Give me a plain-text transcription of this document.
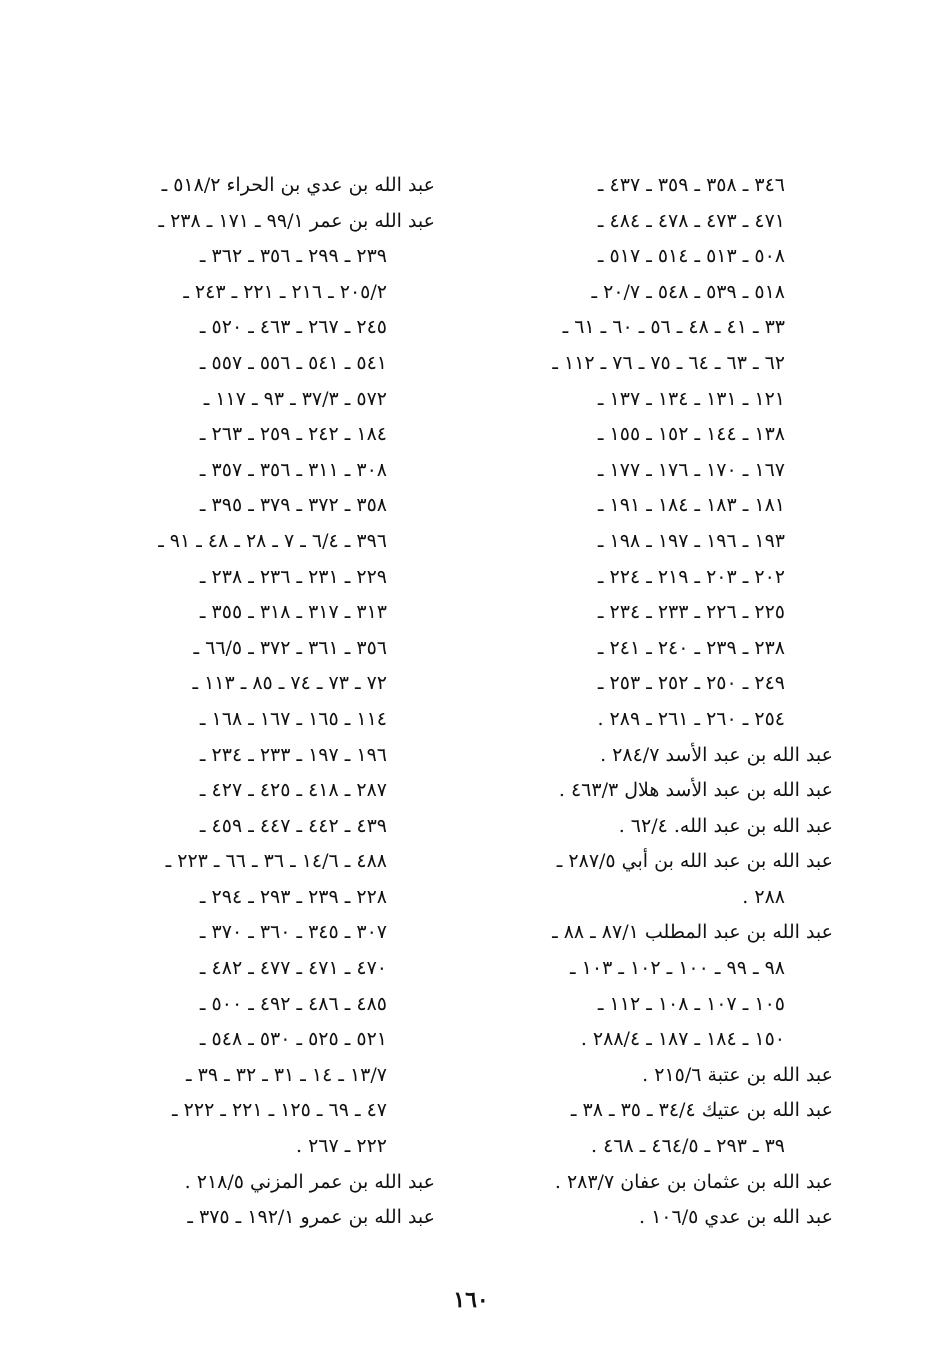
٣٤٦ ـ ٣٥٨ ـ ٣٥٩ ـ ٤٣٧ ـ
٤٧١ ـ ٤٧٣ ـ ٤٧٨ ـ ٤٨٤ ـ
٥٠٨ ـ ٥١٣ ـ ٥١٤ ـ ٥١٧ ـ
٥١٨ ـ ٥٣٩ ـ ٥٤٨ ـ ٢٠/٧ ـ
٣٣ ـ ٤١ ـ ٤٨ ـ ٥٦ ـ ٦٠ ـ ٦١ ـ
٦٢ ـ ٦٣ ـ ٦٤ ـ ٧٥ ـ ٧٦ ـ ١١٢ ـ
١٢١ ـ ١٣١ ـ ١٣٤ ـ ١٣٧ ـ
١٣٨ ـ ١٤٤ ـ ١٥٢ ـ ١٥٥ ـ
١٦٧ ـ ١٧٠ ـ ١٧٦ ـ ١٧٧ ـ
١٨١ ـ ١٨٣ ـ ١٨٤ ـ ١٩١ ـ
١٩٣ ـ ١٩٦ ـ ١٩٧ ـ ١٩٨ ـ
٢٠٢ ـ ٢٠٣ ـ ٢١٩ ـ ٢٢٤ ـ
٢٢٥ ـ ٢٢٦ ـ ٢٣٣ ـ ٢٣٤ ـ
٢٣٨ ـ ٢٣٩ ـ ٢٤٠ ـ ٢٤١ ـ
٢٤٩ ـ ٢٥٠ ـ ٢٥٢ ـ ٢٥٣ ـ
٢٥٤ ـ ٢٦٠ ـ ٢٦١ ـ ٢٨٩ .
عبد الله بن عبد الأسد ٢٨٤/٧ .
عبد الله بن عبد الأسد هلال ٤٦٣/٣ .
عبد الله بن عبد الله. ٦٢/٤ .
عبد الله بن عبد الله بن أبي ٢٨٧/٥ ـ
٢٨٨ .
عبد الله بن عبد المطلب ٨٧/١ ـ ٨٨ ـ
٩٨ ـ ٩٩ ـ ١٠٠ ـ ١٠٢ ـ ١٠٣ ـ
١٠٥ ـ ١٠٧ ـ ١٠٨ ـ ١١٢ ـ
١٥٠ ـ ١٨٤ ـ ١٨٧ ـ ٢٨٨/٤ .
عبد الله بن عتبة ٢١٥/٦ .
عبد الله بن عتيك ٣٤/٤ ـ ٣٥ ـ ٣٨ ـ
٣٩ ـ ٢٩٣ ـ ٤٦٤/٥ ـ ٤٦٨ .
عبد الله بن عثمان بن عفان ٢٨٣/٧ .
عبد الله بن عدي ١٠٦/٥ .
عبد الله بن عدي بن الحراء ٥١٨/٢ ـ
عبد الله بن عمر ٩٩/١ ـ ١٧١ ـ ٢٣٨ ـ
٢٣٩ ـ ٢٩٩ ـ ٣٥٦ ـ ٣٦٢ ـ
٢٠٥/٢ ـ ٢١٦ ـ ٢٢١ ـ ٢٤٣ ـ
٢٤٥ ـ ٢٦٧ ـ ٤٦٣ ـ ٥٢٠ ـ
٥٤١ ـ ٥٤١ ـ ٥٥٦ ـ ٥٥٧ ـ
٥٧٢ ـ ٣٧/٣ ـ ٩٣ ـ ١١٧ ـ
١٨٤ ـ ٢٤٢ ـ ٢٥٩ ـ ٢٦٣ ـ
٣٠٨ ـ ٣١١ ـ ٣٥٦ ـ ٣٥٧ ـ
٣٥٨ ـ ٣٧٢ ـ ٣٧٩ ـ ٣٩٥ ـ
٣٩٦ ـ ٦/٤ ـ ٧ ـ ٢٨ ـ ٤٨ ـ ٩١ ـ
٢٢٩ ـ ٢٣١ ـ ٢٣٦ ـ ٢٣٨ ـ
٣١٣ ـ ٣١٧ ـ ٣١٨ ـ ٣٥٥ ـ
٣٥٦ ـ ٣٦١ ـ ٣٧٢ ـ ٦٦/٥ ـ
٧٢ ـ ٧٣ ـ ٧٤ ـ ٨٥ ـ ١١٣ ـ
١١٤ ـ ١٦٥ ـ ١٦٧ ـ ١٦٨ ـ
١٩٦ ـ ١٩٧ ـ ٢٣٣ ـ ٢٣٤ ـ
٢٨٧ ـ ٤١٨ ـ ٤٢٥ ـ ٤٢٧ ـ
٤٣٩ ـ ٤٤٢ ـ ٤٤٧ ـ ٤٥٩ ـ
٤٨٨ ـ ١٤/٦ ـ ٣٦ ـ ٦٦ ـ ٢٢٣ ـ
٢٢٨ ـ ٢٣٩ ـ ٢٩٣ ـ ٢٩٤ ـ
٣٠٧ ـ ٣٤٥ ـ ٣٦٠ ـ ٣٧٠ ـ
٤٧٠ ـ ٤٧١ ـ ٤٧٧ ـ ٤٨٢ ـ
٤٨٥ ـ ٤٨٦ ـ ٤٩٢ ـ ٥٠٠ ـ
٥٢١ ـ ٥٢٥ ـ ٥٣٠ ـ ٥٤٨ ـ
١٣/٧ ـ ١٤ ـ ٣١ ـ ٣٢ ـ ٣٩ ـ
٤٧ ـ ٦٩ ـ ١٢٥ ـ ٢٢١ ـ ٢٢٢ ـ
٢٢٢ ـ ٢٦٧ .
عبد الله بن عمر المزني ٢١٨/٥ .
عبد الله بن عمرو ١٩٢/١ ـ ٣٧٥ ـ
١٦٠
